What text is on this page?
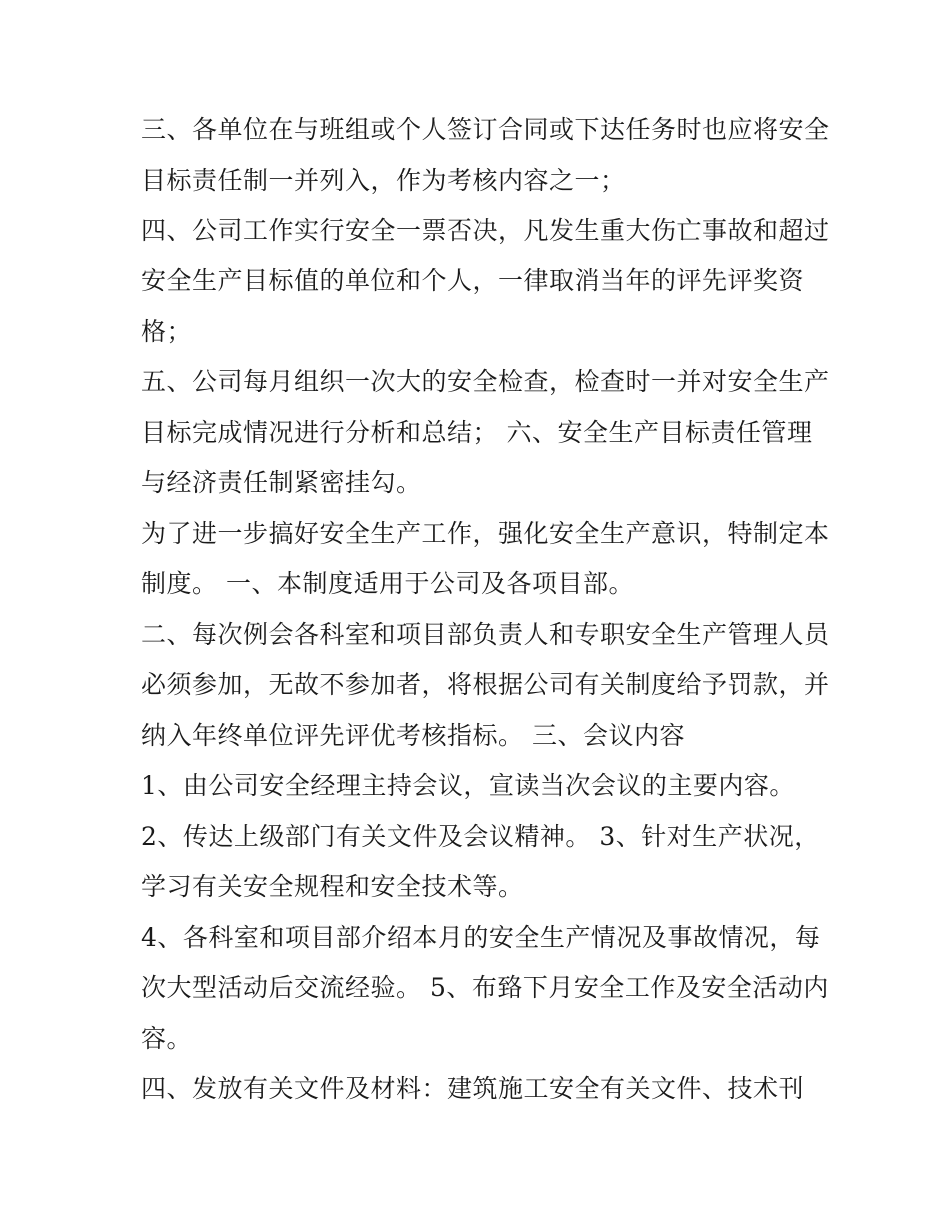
三、各单位在与班组或个人签订合同或下达任务时也应将安全
目标责任制一并列入，作为考核内容之一；
四、公司工作实行安全一票否决，凡发生重大伤亡事故和超过
安全生产目标值的单位和个人，一律取消当年的评先评奖资
格；
五、公司每月组织一次大的安全检查，检查时一并对安全生产
目标完成情况进行分析和总结； 六、安全生产目标责任管理
与经济责任制紧密挂勾。
为了进一步搞好安全生产工作，强化安全生产意识，特制定本
制度。 一、本制度适用于公司及各项目部。
二、每次例会各科室和项目部负责人和专职安全生产管理人员
必须参加，无故不参加者，将根据公司有关制度给予罚款，并
纳入年终单位评先评优考核指标。 三、会议内容
1、由公司安全经理主持会议，宣读当次会议的主要内容。
2、传达上级部门有关文件及会议精神。 3、针对生产状况，
学习有关安全规程和安全技术等。
4、各科室和项目部介绍本月的安全生产情况及事故情况，每
次大型活动后交流经验。 5、布臵下月安全工作及安全活动内
容。
四、发放有关文件及材料：建筑施工安全有关文件、技术刊
